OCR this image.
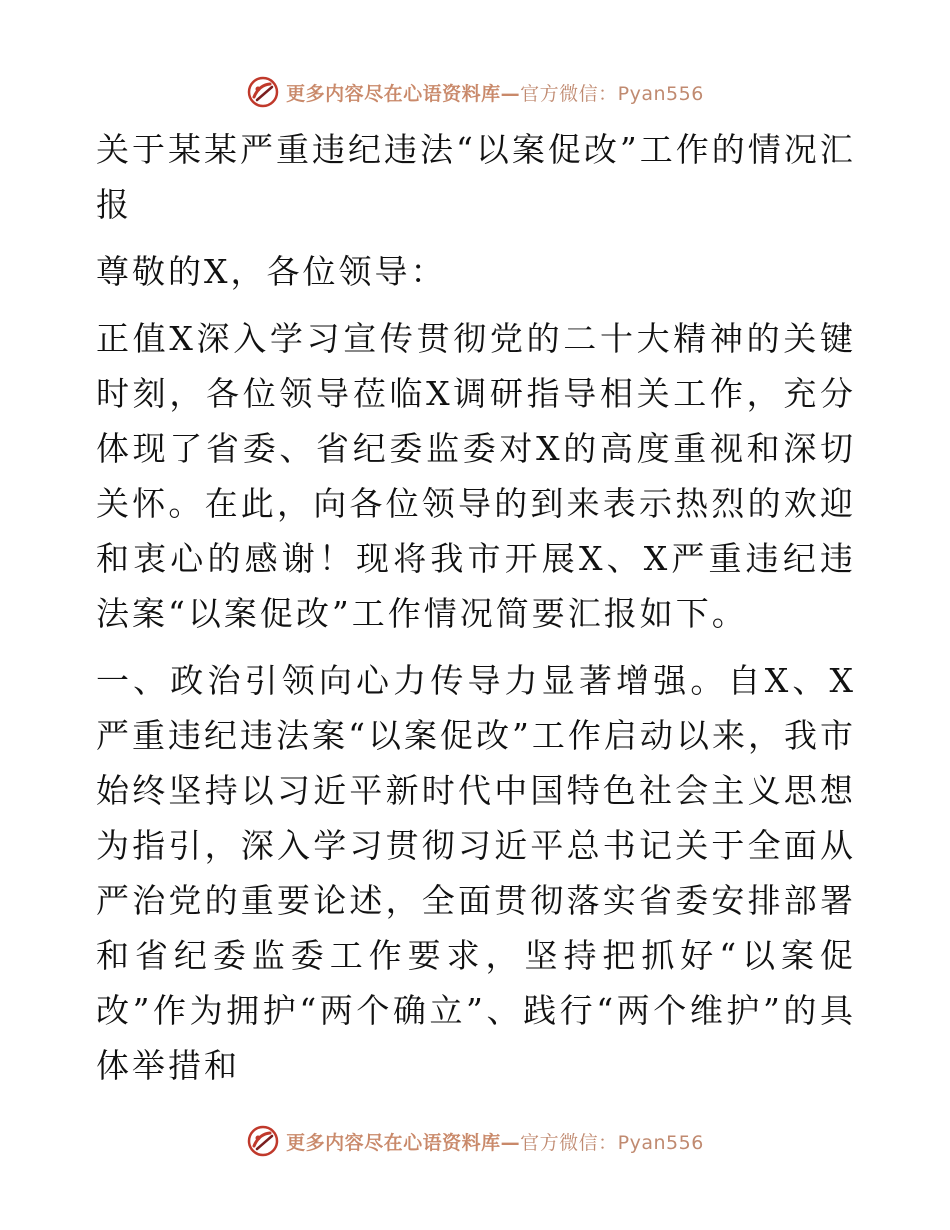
更多内容尽在心语资料库—官方微信：Pyan556

关于某某严重违纪违法“以案促改”工作的情况汇报

尊敬的X，各位领导：

正值X深入学习宣传贯彻党的二十大精神的关键时刻，各位领导莅临X调研指导相关工作，充分体现了省委、省纪委监委对X的高度重视和深切关怀。在此，向各位领导的到来表示热烈的欢迎和衷心的感谢！现将我市开展X、X严重违纪违法案“以案促改”工作情况简要汇报如下。

一、政治引领向心力传导力显著增强。自X、X严重违纪违法案“以案促改”工作启动以来，我市始终坚持以习近平新时代中国特色社会主义思想为指引，深入学习贯彻习近平总书记关于全面从严治党的重要论述，全面贯彻落实省委安排部署和省纪委监委工作要求，坚持把抓好“以案促改”作为拥护“两个确立”、践行“两个维护”的具体举措和

更多内容尽在心语资料库—官方微信：Pyan556
